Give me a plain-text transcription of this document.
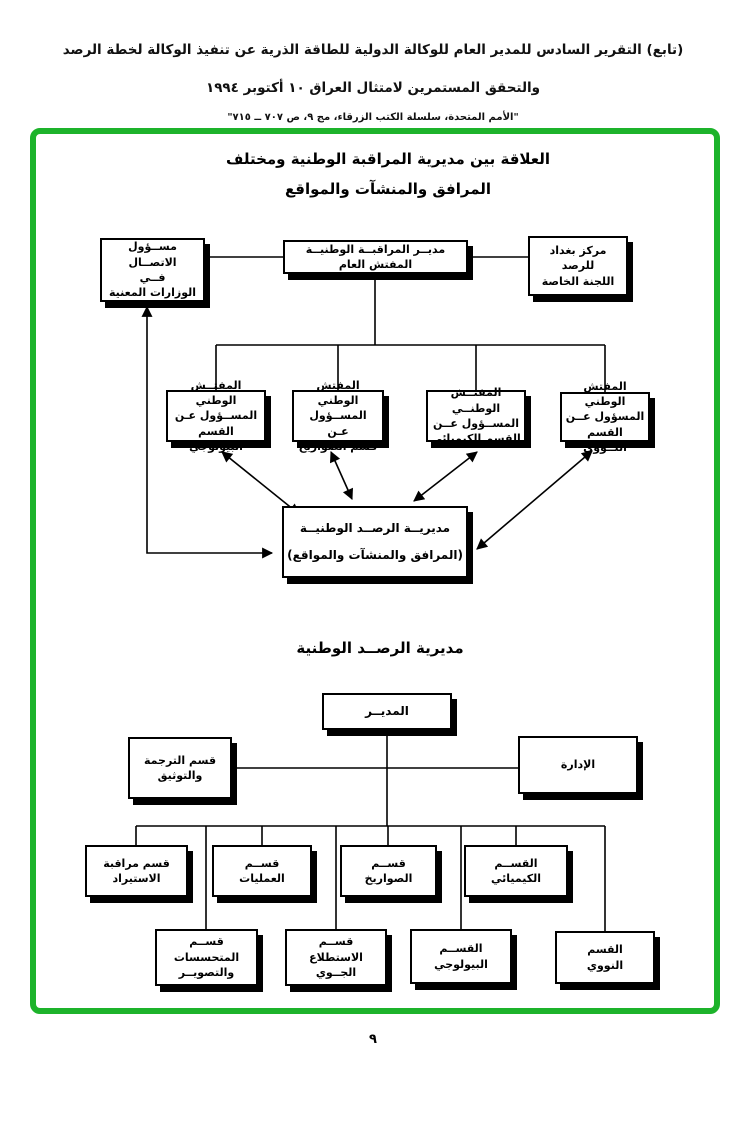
(تابع) التقرير السادس للمدير العام للوكالة الدولية للطاقة الذرية عن تنفيذ الوكالة لخطة الرصد
والتحقق المستمرين لامتثال العراق ١٠ أكتوبر ١٩٩٤
"الأمم المتحدة، سلسلة الكتب الزرقاء، مج ٩، ص ٧٠٧ ــ ٧١٥"
العلاقة بين مديرية المراقبة الوطنية ومختلف
المرافق والمنشآت والمواقع
مســؤول الاتصــال
فــي
الوزارات المعنية
مديــر المراقبــة الوطنيــة
المفتش العام
مركز بغداد
للرصد
اللجنة الخاصة
المفتــش الوطني
المســؤول عـن
القسم البيولوجي
المفتش الوطني
المســؤول عـن
قسم الصواريخ
المفتــش الوطنــي
المســؤول عــن
القسم الكيميائي
المفتش الوطني
المسؤول عــن
القسم النــووي
مديريــة الرصــد الوطنيــة
(المرافق والمنشآت والمواقع)
مديرية الرصــد الوطنية
المديــر
قسم الترجمة
والتوثيق
الإدارة
قسم مراقبة
الاستيراد
قســم
العمليات
قســم
الصواريخ
القســم
الكيميائي
قســم
المتحسسات
والتصويــر
قســم
الاستطلاع
الجــوي
القســم
البيولوجي
القسم
النووي
٩
